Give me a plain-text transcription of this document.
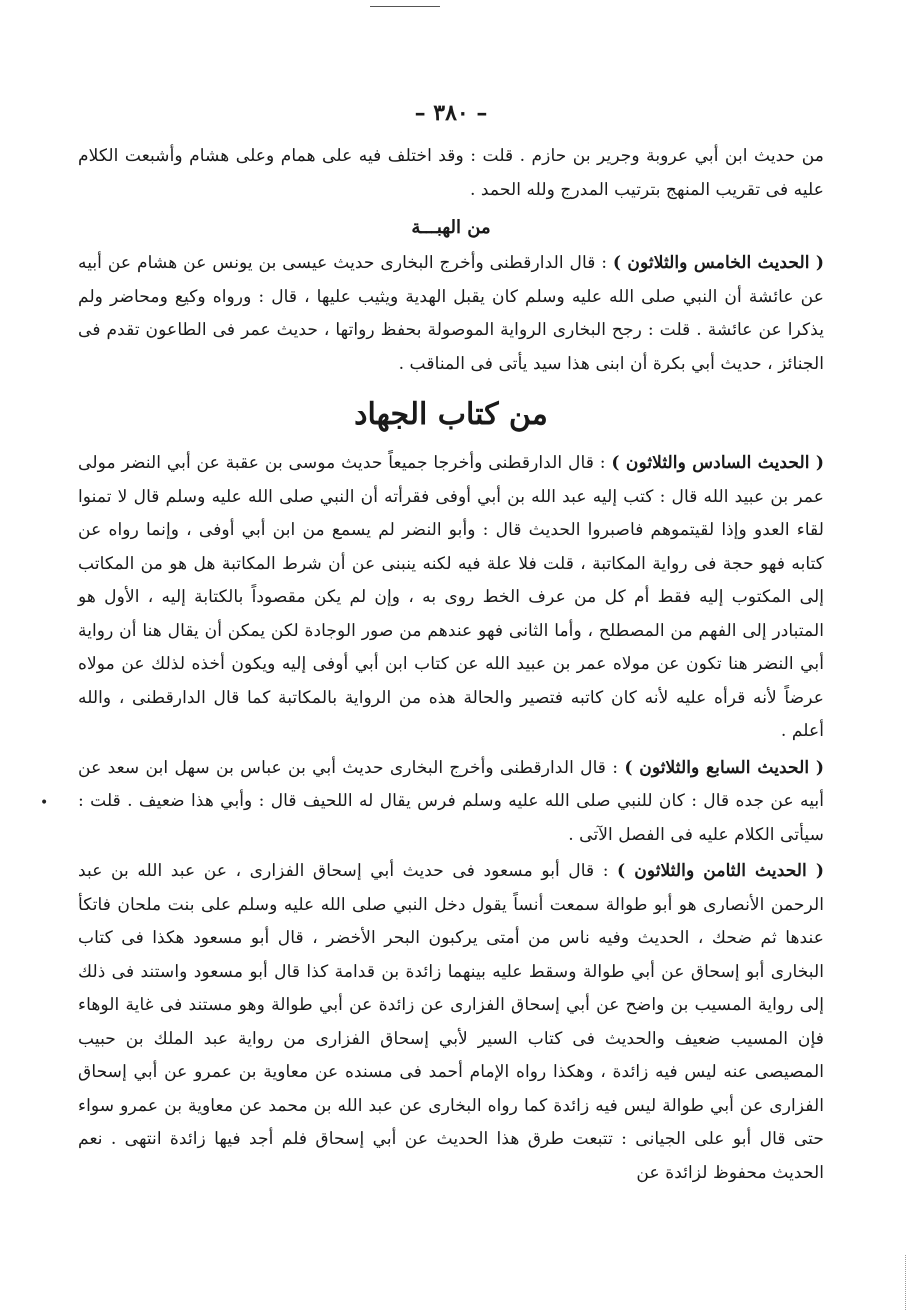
•
– ٣٨٠ –

من حديث ابن أبي عروبة وجرير بن حازم . قلت : وقد اختلف فيه على همام وعلى هشام وأشبعت الكلام عليه فى تقريب المنهج بترتيب المدرج ولله الحمد .

من الهبـــة

( الحديث الخامس والثلاثون ) : قال الدارقطنى وأخرج البخارى حديث عيسى بن يونس عن هشام عن أبيه عن عائشة أن النبي صلى الله عليه وسلم كان يقبل الهدية ويثيب عليها ، قال : ورواه وكيع ومحاضر ولم يذكرا عن عائشة . قلت : رجح البخارى الرواية الموصولة بحفظ رواتها ، حديث عمر فى الطاعون تقدم فى الجنائز ، حديث أبي بكرة أن ابنى هذا سيد يأتى فى المناقب .

من كتاب الجهاد

( الحديث السادس والثلاثون ) : قال الدارقطنى وأخرجا جميعاً حديث موسى بن عقبة عن أبي النضر مولى عمر بن عبيد الله قال : كتب إليه عبد الله بن أبي أوفى فقرأته أن النبي صلى الله عليه وسلم قال لا تمنوا لقاء العدو وإذا لقيتموهم فاصبروا الحديث قال : وأبو النضر لم يسمع من ابن أبي أوفى ، وإنما رواه عن كتابه فهو حجة فى رواية المكاتبة ، قلت فلا علة فيه لكنه ينبنى عن أن شرط المكاتبة هل هو من المكاتب إلى المكتوب إليه فقط أم كل من عرف الخط روى به ، وإن لم يكن مقصوداً بالكتابة إليه ، الأول هو المتبادر إلى الفهم من المصطلح ، وأما الثانى فهو عندهم من صور الوجادة لكن يمكن أن يقال هنا أن رواية أبي النضر هنا تكون عن مولاه عمر بن عبيد الله عن كتاب ابن أبي أوفى إليه ويكون أخذه لذلك عن مولاه عرضاً لأنه قرأه عليه لأنه كان كاتبه فتصير والحالة هذه من الرواية بالمكاتبة كما قال الدارقطنى ، والله أعلم .

( الحديث السابع والثلاثون ) : قال الدارقطنى وأخرج البخارى حديث أبي بن عباس بن سهل ابن سعد عن أبيه عن جده قال : كان للنبي صلى الله عليه وسلم فرس يقال له اللحيف قال : وأبي هذا ضعيف . قلت : سيأتى الكلام عليه فى الفصل الآتى .

( الحديث الثامن والثلاثون ) : قال أبو مسعود فى حديث أبي إسحاق الفزارى ، عن عبد الله بن عبد الرحمن الأنصارى هو أبو طوالة سمعت أنساً يقول دخل النبي صلى الله عليه وسلم على بنت ملحان فاتكأ عندها ثم ضحك ، الحديث وفيه ناس من أمتى يركبون البحر الأخضر ، قال أبو مسعود هكذا فى كتاب البخارى أبو إسحاق عن أبي طوالة وسقط عليه بينهما زائدة بن قدامة كذا قال أبو مسعود واستند فى ذلك إلى رواية المسيب بن واضح عن أبي إسحاق الفزارى عن زائدة عن أبي طوالة وهو مستند فى غاية الوهاء فإن المسيب ضعيف والحديث فى كتاب السير لأبي إسحاق الفزارى من رواية عبد الملك بن حبيب المصيصى عنه ليس فيه زائدة ، وهكذا رواه الإمام أحمد فى مسنده عن معاوية بن عمرو عن أبي إسحاق الفزارى عن أبي طوالة ليس فيه زائدة كما رواه البخارى عن عبد الله بن محمد عن معاوية بن عمرو سواء حتى قال أبو على الجيانى : تتبعت طرق هذا الحديث عن أبي إسحاق فلم أجد فيها زائدة انتهى . نعم الحديث محفوظ لزائدة عن
